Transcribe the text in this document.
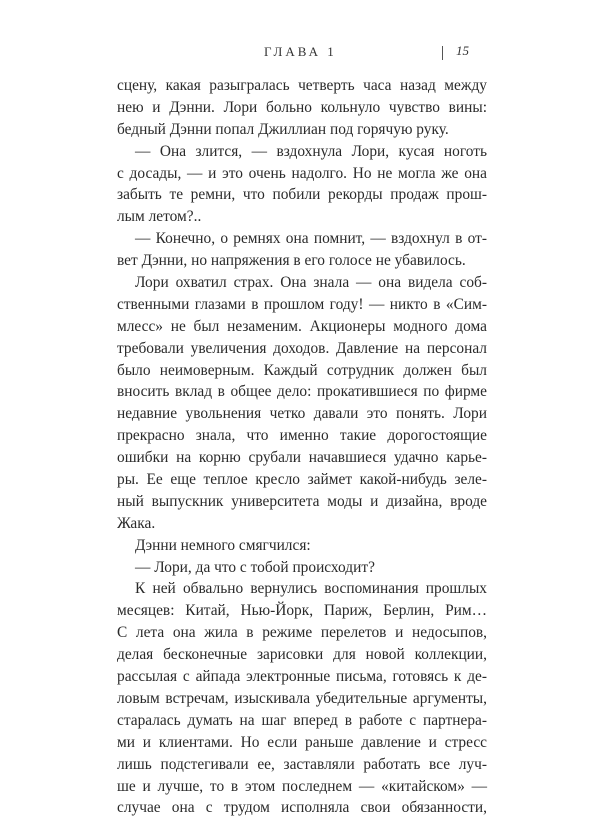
ГЛАВА 1	15
сцену, какая разыгралась четверть часа назад между
нею и Дэнни. Лори больно кольнуло чувство вины:
бедный Дэнни попал Джиллиан под горячую руку.
— Она злится, — вздохнула Лори, кусая ноготь
с досады, — и это очень надолго. Но не могла же она
забыть те ремни, что побили рекорды продаж прош-
лым летом?..
— Конечно, о ремнях она помнит, — вздохнул в от-
вет Дэнни, но напряжения в его голосе не убавилось.
Лори охватил страх. Она знала — она видела соб-
ственными глазами в прошлом году! — никто в «Сим-
млесс» не был незаменим. Акционеры модного дома
требовали увеличения доходов. Давление на персонал
было неимоверным. Каждый сотрудник должен был
вносить вклад в общее дело: прокатившиеся по фирме
недавние увольнения четко давали это понять. Лори
прекрасно знала, что именно такие дорогостоящие
ошибки на корню срубали начавшиеся удачно карье-
ры. Ее еще теплое кресло займет какой-нибудь зеле-
ный выпускник университета моды и дизайна, вроде
Жака.
Дэнни немного смягчился:
— Лори, да что с тобой происходит?
К ней обвально вернулись воспоминания прошлых
месяцев: Китай, Нью-Йорк, Париж, Берлин, Рим…
С лета она жила в режиме перелетов и недосыпов,
делая бесконечные зарисовки для новой коллекции,
рассылая с айпада электронные письма, готовясь к де-
ловым встречам, изыскивала убедительные аргументы,
старалась думать на шаг вперед в работе с партнера-
ми и клиентами. Но если раньше давление и стресс
лишь подстегивали ее, заставляли работать все луч-
ше и лучше, то в этом последнем — «китайском» —
случае она с трудом исполняла свои обязанности,
